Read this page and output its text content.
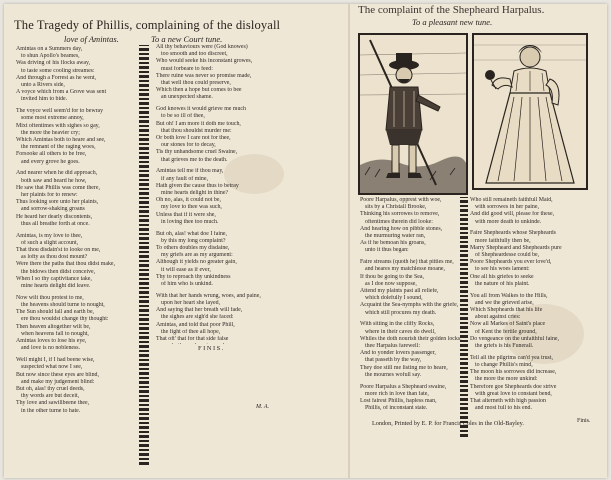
The Tragedy of Phillis, complaining of the disloyall
love of Amintas.	To a new Court tune.
The complaint of the Shepheard Harpalus.
To a pleasant new tune.
Amintas on a Summers day,
to shun Apollo's beames,
Was driving of his flocks away,
to taste some cooling streames:
And through a Forrest as he went,
unto a Rivers side,
A voyce which from a Grove was sent
invited him to bide.
The voyce well seem'd for to bewray
some most extreme annoy,
Mixt oftentimes with sighes so gay,
the more the heavier cry;
Which Amintas both to heare and see,
the remnant of the raging woes,
Forsooke all others to be free,
and every grove he goes.
And nearer when he did approach,
both saw and heard he how,
He saw that Phillis was come there,
her plaints for to renew:
Thus looking sore unto her plaints,
and sorrow-shaking groans
He heard her dearly discontents,
thus all breathe forth at once.
Amintas, is my love to thee,
of such a slight account,
That thou disdain'st to looke on me,
as lofty as thou dost mount?
Were there the paths that thou didst make,
the bidows then didst conceive,
When I so thy captivitance take,
mine hearts delight did leave.
Now wilt thou protest to me,
the heavens should turne to nought,
The Sun should fall and earth be,
ere thou wouldst change thy thought:
Then heaven altogether wilt be,
when heavens fall to nought,
Amintas loves to lose his eye,
and love is no nobleness.
Well might I, if I had beene wise,
suspected what now I see,
But now since these eyes are blind,
and make my judgement blind:
But oh, alas! thy cruel deeds,
thy words are but deceit,
Thy love and sawillbeene thee,
in the other turne to hate.
All thy behaviours were (God knowes)
too smooth and too discreet,
Who would seeke his inconstant growes,
must forbeare to feed:
There ruine was never so promise made,
that well thou could preserve,
Which then a hope but comes to bee
an unexpected shame.
God knowes it would grieve me much
to be so ill of thee,
But oh! I am more it doth me touch,
that thou shouldst murder me:
Or both love I care not for thee,
our stones for to decay,
Tis thy unhandsome cruel Swaine,
that grieves me to the death.
Amintas tell me if thou may,
if any fault of mine,
Hath given the cause thus to betray
mine hearts delight in thine?
Oh no, alas, it could not be,
my love to thee was such,
Unless that if it were she,
in loving thee too much.
But oh, alas! what doe I faine,
by this my long complaint?
To others doubles my disdaine,
my griefs are as my argument:
Although it yields no greater gain,
it will ease as if ever,
Thy to reproach thy unkindness
of him who is unkind.
With that her hands wrung, woes, and paine,
upon her heart she layed,
And saying that her breath will fade,
the sighes are sigh'd she faced:
Amintas, and told that poor Phill,
the fight of thee all hope,
That oft' that for that side false
Poore Harpalus, opprest with woe,
sits by a Christall Brooke,
Thinking his sorrowes to remove,
oftentimes therein did looke:
And hearing how on pibble stones,
the murmuring water ran,
As if he bemoan his groans,
unto it thus began:
Faire streams (quoth he) that pitties me,
and heares my matchlesse moane,
If thou be going to the Sea,
as I doe now suppose,
Attend my plaints past all reliefe,
which dolefully I sound,
Acquaint the Sea-nymphs with the griefe,
which still procures my death.
With sitting in the cliffy Rocks,
where in their caves do dwell,
Whiles the doth nourish their golden locks,
thee Harpalus farewell:
And to yonder lovers passenger,
that passeth by the way,
They doe still me listing me to heare,
the mournes wofull say.
Poore Harpalus a Shepheard swaine,
more rich in love than fate,
Lost fairest Phillis, hapless man,
Phillis, of inconstant state.
Who still remaineth faithfull Maid,
with sorrowes in her paine,
And did good will, please for these,
with more death to unkinde.
Faire Shepheards whose Shepheards
more faithfully then be,
Marry Shepheard and Shepheards pure
of Shepheardesse could be,
Poore Shepheards you ever love'd,
to see his woes lament:
One all his griefes to seeke
the nature of his plaint.
You all from Walkes to the Hills,
and we the grieved arise,
Which Shepheards that his life
about against cries:
Now all Markes of Saint's place
of Kent the fertile ground,
Do vengeance on the unfaithful faine,
the griefs is his Funerall.
Tell all the pilgrims can'd yea trust,
to change Phillis's mind,
The moon his sorrowes did increase,
the more the more unkind:
Therefore goe Shepheards doe strive
with great love to constant bend,
That alterneth with high passion
and most full to his end.
FINIS.
M. A.
Finis.
London, Printed by E. P. for Francis Coles in the Old-Bayley.
